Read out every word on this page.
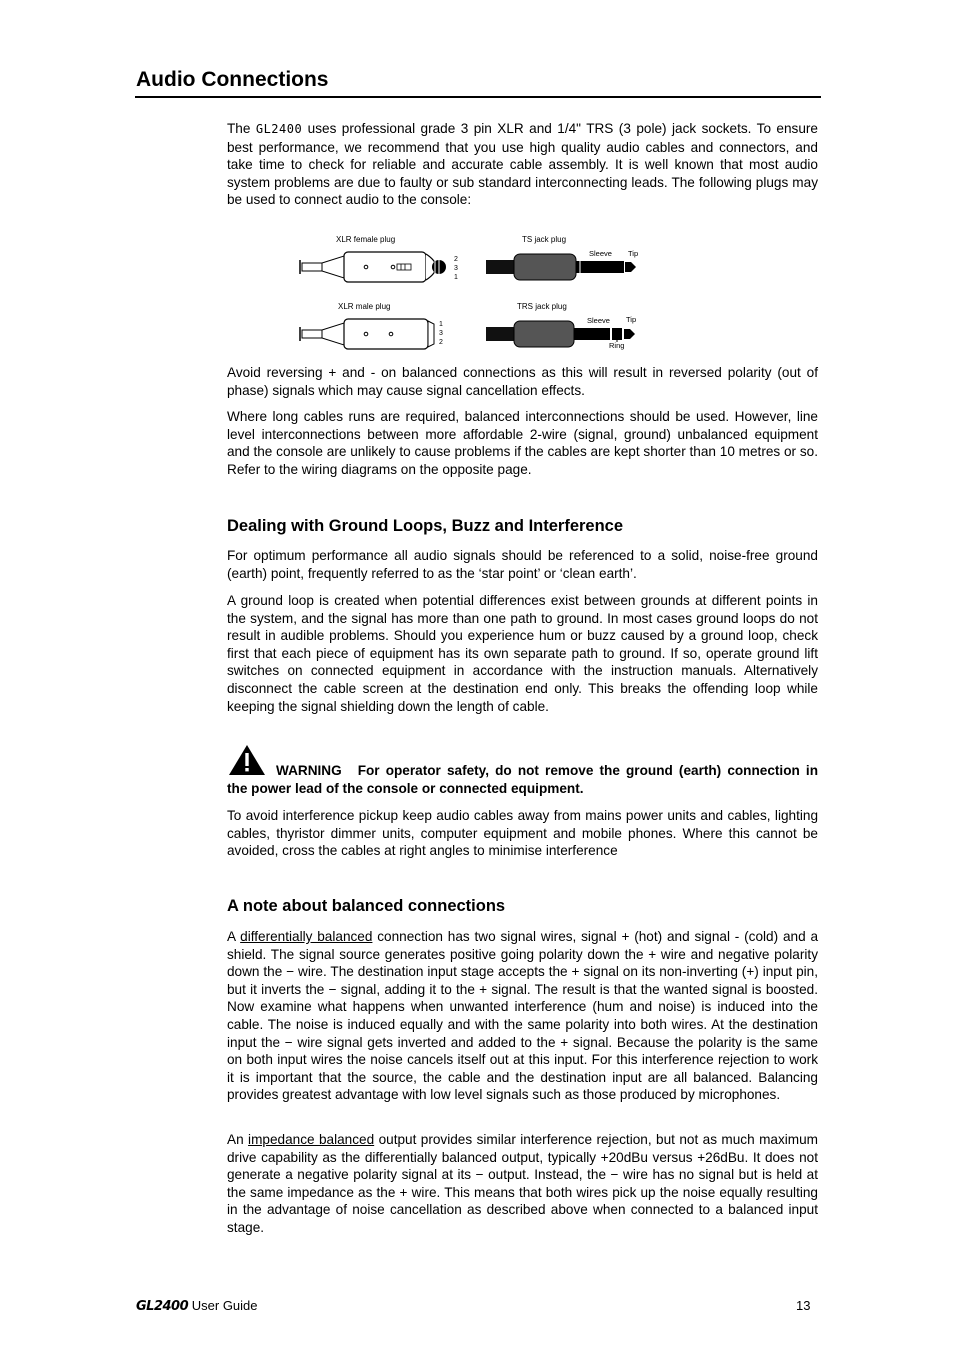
Audio Connections

The GL2400 uses professional grade 3 pin XLR and 1/4" TRS (3 pole) jack sockets. To ensure best performance, we recommend that you use high quality audio cables and connectors, and take time to check for reliable and accurate cable assembly. It is well known that most audio system problems are due to faulty or sub standard interconnecting leads. The following plugs may be used to connect audio to the console:

XLR female plug
2
3
1
TS jack plug
Sleeve Tip
XLR male plug
1
3
2
TRS jack plug
Sleeve Tip
Ring

Avoid reversing + and - on balanced connections as this will result in reversed polarity (out of phase) signals which may cause signal cancellation effects.

Where long cables runs are required, balanced interconnections should be used. However, line level interconnections between more affordable 2-wire (signal, ground) unbalanced equipment and the console are unlikely to cause problems if the cables are kept shorter than 10 metres or so. Refer to the wiring diagrams on the opposite page.

Dealing with Ground Loops, Buzz and Interference

For optimum performance all audio signals should be referenced to a solid, noise-free ground (earth) point, frequently referred to as the ‘star point’ or ‘clean earth’.

A ground loop is created when potential differences exist between grounds at different points in the system, and the signal has more than one path to ground. In most cases ground loops do not result in audible problems. Should you experience hum or buzz caused by a ground loop, check first that each piece of equipment has its own separate path to ground. If so, operate ground lift switches on connected equipment in accordance with the instruction manuals. Alternatively disconnect the cable screen at the destination end only. This breaks the offending loop while keeping the signal shielding down the length of cable.

WARNING For operator safety, do not remove the ground (earth) connection in the power lead of the console or connected equipment.

To avoid interference pickup keep audio cables away from mains power units and cables, lighting cables, thyristor dimmer units, computer equipment and mobile phones. Where this cannot be avoided, cross the cables at right angles to minimise interference

A note about balanced connections

A differentially balanced connection has two signal wires, signal + (hot) and signal - (cold) and a shield. The signal source generates positive going polarity down the + wire and negative polarity down the − wire. The destination input stage accepts the + signal on its non-inverting (+) input pin, but it inverts the − signal, adding it to the + signal. The result is that the wanted signal is boosted. Now examine what happens when unwanted interference (hum and noise) is induced into the cable. The noise is induced equally and with the same polarity into both wires. At the destination input the − wire signal gets inverted and added to the + signal. Because the polarity is the same on both input wires the noise cancels itself out at this input. For this interference rejection to work it is important that the source, the cable and the destination input are all balanced. Balancing provides greatest advantage with low level signals such as those produced by microphones.

An impedance balanced output provides similar interference rejection, but not as much maximum drive capability as the differentially balanced output, typically +20dBu versus +26dBu. It does not generate a negative polarity signal at its − output. Instead, the − wire has no signal but is held at the same impedance as the + wire. This means that both wires pick up the noise equally resulting in the advantage of noise cancellation as described above when connected to a balanced input stage.

GL2400 User Guide	13
